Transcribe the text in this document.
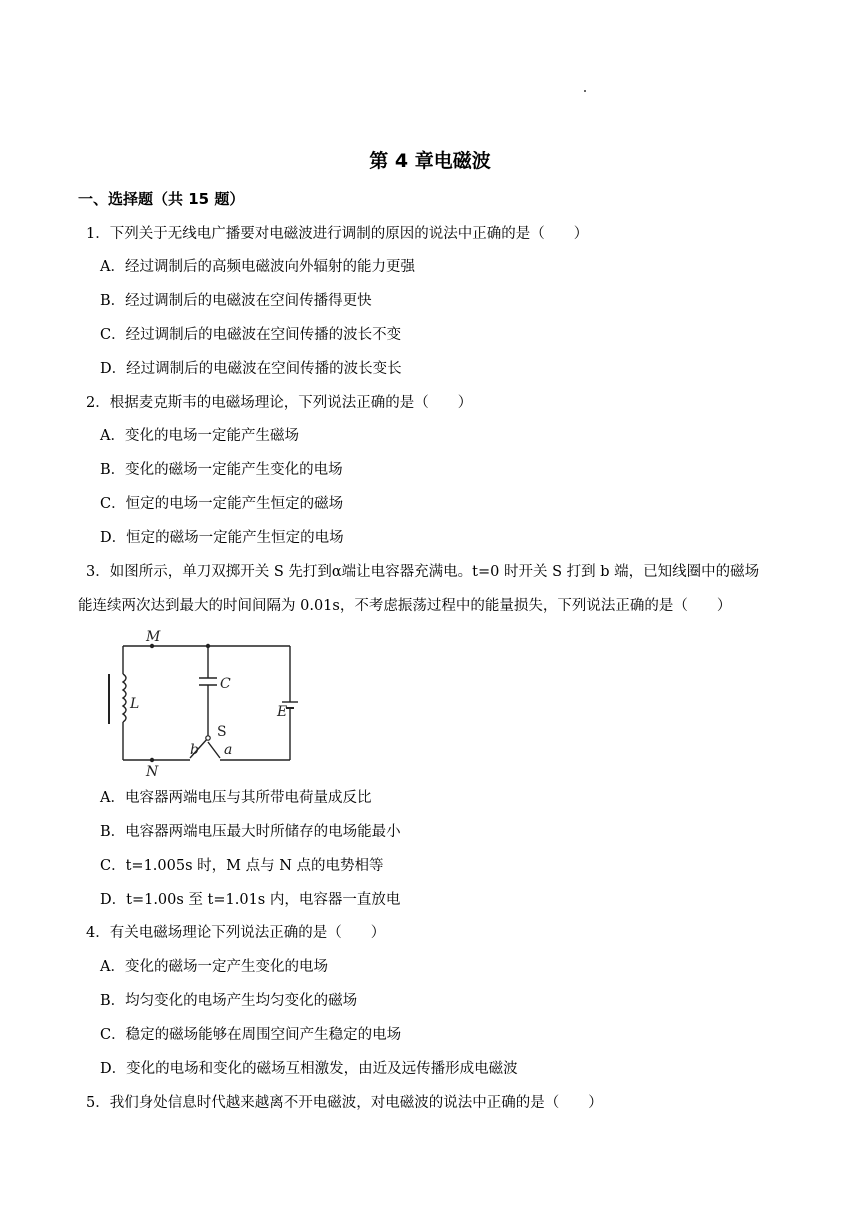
第 4 章电磁波
一、选择题（共 15 题）
1．下列关于无线电广播要对电磁波进行调制的原因的说法中正确的是（　　）
A．经过调制后的高频电磁波向外辐射的能力更强
B．经过调制后的电磁波在空间传播得更快
C．经过调制后的电磁波在空间传播的波长不变
D．经过调制后的电磁波在空间传播的波长变长
2．根据麦克斯韦的电磁场理论，下列说法正确的是（　　）
A．变化的电场一定能产生磁场
B．变化的磁场一定能产生变化的电场
C．恒定的电场一定能产生恒定的磁场
D．恒定的磁场一定能产生恒定的电场
3．如图所示，单刀双掷开关 S 先打到α端让电容器充满电。t=0 时开关 S 打到 b 端，已知线圈中的磁场
能连续两次达到最大的时间间隔为 0.01s，不考虑振荡过程中的能量损失，下列说法正确的是（　　）
M
N
C
L	E
S
a
b
A．电容器两端电压与其所带电荷量成反比
B．电容器两端电压最大时所储存的电场能最小
C．t=1.005s 时，M 点与 N 点的电势相等
D．t=1.00s 至 t=1.01s 内，电容器一直放电
4．有关电磁场理论下列说法正确的是（　　）
A．变化的磁场一定产生变化的电场
B．均匀变化的电场产生均匀变化的磁场
C．稳定的磁场能够在周围空间产生稳定的电场
D．变化的电场和变化的磁场互相激发，由近及远传播形成电磁波
5．我们身处信息时代越来越离不开电磁波，对电磁波的说法中正确的是（　　）
